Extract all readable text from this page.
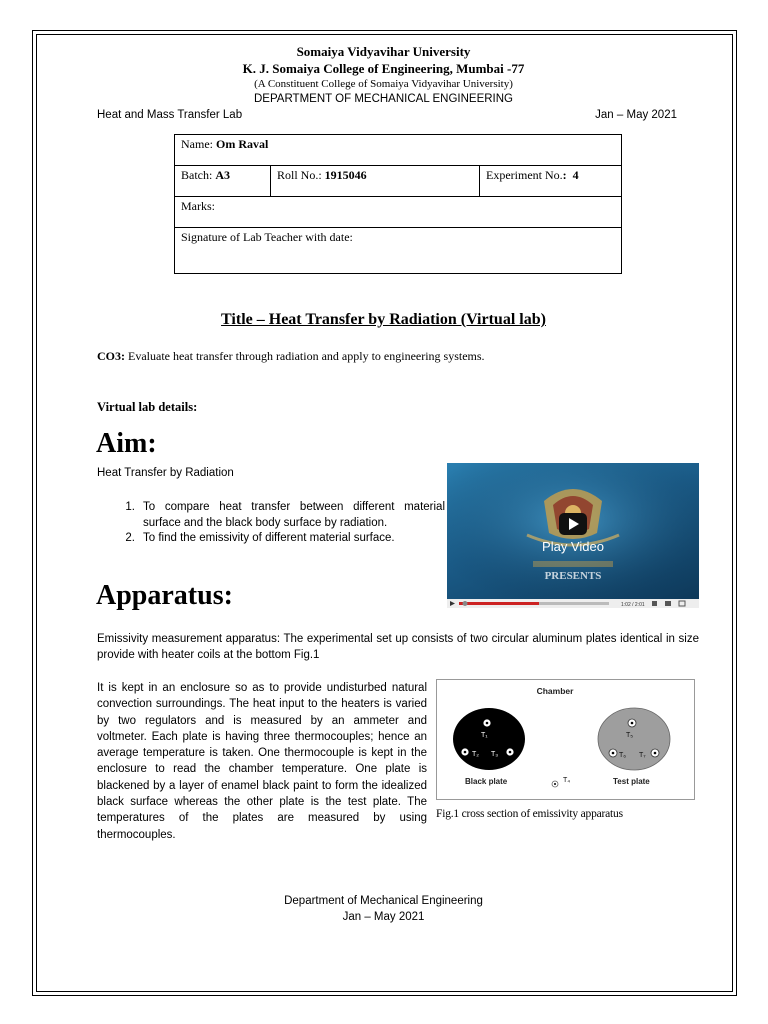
Somaiya Vidyavihar University
K. J. Somaiya College of Engineering, Mumbai -77
(A Constituent College of Somaiya Vidyavihar University)
DEPARTMENT OF MECHANICAL ENGINEERING
Heat and Mass Transfer Lab	Jan – May 2021
Name: Om Raval
Batch: A3	Roll No.: 1915046	Experiment No.: 4
Marks:
Signature of Lab Teacher with date:
Title – Heat Transfer by Radiation (Virtual lab)
CO3: Evaluate heat transfer through radiation and apply to engineering systems.
Virtual lab details:
Aim:
Heat Transfer by Radiation
1. To compare heat transfer between different material surface and the black body surface by radiation.
2. To find the emissivity of different material surface.
Play Video
PRESENTS
1:02 / 2:01
Apparatus:
Emissivity measurement apparatus: The experimental set up consists of two circular aluminum plates identical in size provide with heater coils at the bottom Fig.1
It is kept in an enclosure so as to provide undisturbed natural convection surroundings. The heat input to the heaters is varied by two regulators and is measured by an ammeter and voltmeter. Each plate is having three thermocouples; hence an average temperature is taken. One thermocouple is kept in the enclosure to read the chamber temperature. One plate is blackened by a layer of enamel black paint to form the idealized black surface whereas the other plate is the test plate. The temperatures of the plates are measured by using thermocouples.
Chamber
T₁
T₂ T₃
Black plate
T₅
T₆ T₇
Test plate
T₄
Fig.1 cross section of emissivity apparatus
Department of Mechanical Engineering
Jan – May 2021
